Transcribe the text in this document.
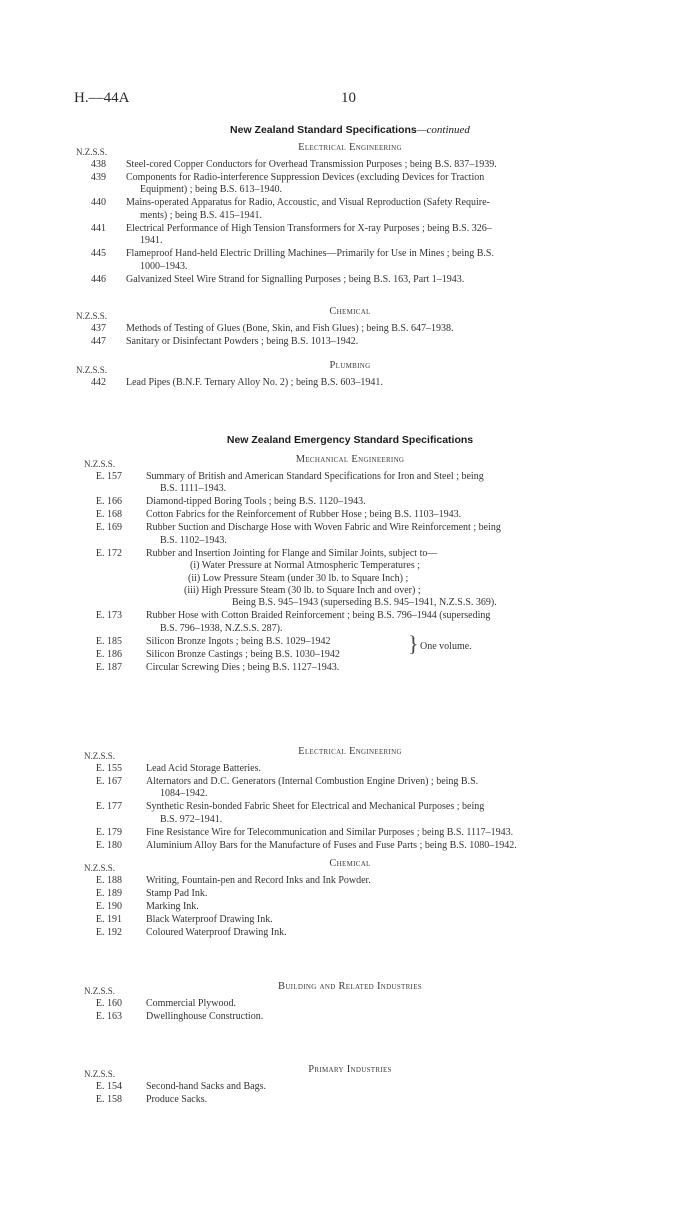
H.—44A	10
New Zealand Standard Specifications—continued
Electrical Engineering
N.Z.S.S.
438 Steel-cored Copper Conductors for Overhead Transmission Purposes ; being B.S. 837–1939.
439 Components for Radio-interference Suppression Devices (excluding Devices for Traction
Equipment) ; being B.S. 613–1940.
440 Mains-operated Apparatus for Radio, Accoustic, and Visual Reproduction (Safety Require-
ments) ; being B.S. 415–1941.
441 Electrical Performance of High Tension Transformers for X-ray Purposes ; being B.S. 326–
1941.
445 Flameproof Hand-held Electric Drilling Machines—Primarily for Use in Mines ; being B.S.
1000–1943.
446 Galvanized Steel Wire Strand for Signalling Purposes ; being B.S. 163, Part 1–1943.
Chemical
N.Z.S.S.
437 Methods of Testing of Glues (Bone, Skin, and Fish Glues) ; being B.S. 647–1938.
447 Sanitary or Disinfectant Powders ; being B.S. 1013–1942.
Plumbing
N.Z.S.S.
442 Lead Pipes (B.N.F. Ternary Alloy No. 2) ; being B.S. 603–1941.
New Zealand Emergency Standard Specifications
Mechanical Engineering
N.Z.S.S.
E. 157 Summary of British and American Standard Specifications for Iron and Steel ; being
B.S. 1111–1943.
E. 166 Diamond-tipped Boring Tools ; being B.S. 1120–1943.
E. 168 Cotton Fabrics for the Reinforcement of Rubber Hose ; being B.S. 1103–1943.
E. 169 Rubber Suction and Discharge Hose with Woven Fabric and Wire Reinforcement ; being
B.S. 1102–1943.
E. 172 Rubber and Insertion Jointing for Flange and Similar Joints, subject to—
(i) Water Pressure at Normal Atmospheric Temperatures ;
(ii) Low Pressure Steam (under 30 lb. to Square Inch) ;
(iii) High Pressure Steam (30 lb. to Square Inch and over) ;
Being B.S. 945–1943 (superseding B.S. 945–1941, N.Z.S.S. 369).
E. 173 Rubber Hose with Cotton Braided Reinforcement ; being B.S. 796–1944 (superseding
B.S. 796–1938, N.Z.S.S. 287).
E. 185 Silicon Bronze Ingots ; being B.S. 1029–1942
E. 186 Silicon Bronze Castings ; being B.S. 1030–1942
E. 187 Circular Screwing Dies ; being B.S. 1127–1943.
} One volume.
Electrical Engineering
N.Z.S.S.
E. 155 Lead Acid Storage Batteries.
E. 167 Alternators and D.C. Generators (Internal Combustion Engine Driven) ; being B.S.
1084–1942.
E. 177 Synthetic Resin-bonded Fabric Sheet for Electrical and Mechanical Purposes ; being
B.S. 972–1941.
E. 179 Fine Resistance Wire for Telecommunication and Similar Purposes ; being B.S. 1117–1943.
E. 180 Aluminium Alloy Bars for the Manufacture of Fuses and Fuse Parts ; being B.S. 1080–1942.
Chemical
N.Z.S.S.
E. 188 Writing, Fountain-pen and Record Inks and Ink Powder.
E. 189 Stamp Pad Ink.
E. 190 Marking Ink.
E. 191 Black Waterproof Drawing Ink.
E. 192 Coloured Waterproof Drawing Ink.
Building and Related Industries
N.Z.S.S.
E. 160 Commercial Plywood.
E. 163 Dwellinghouse Construction.
Primary Industries
N.Z.S.S.
E. 154 Second-hand Sacks and Bags.
E. 158 Produce Sacks.
